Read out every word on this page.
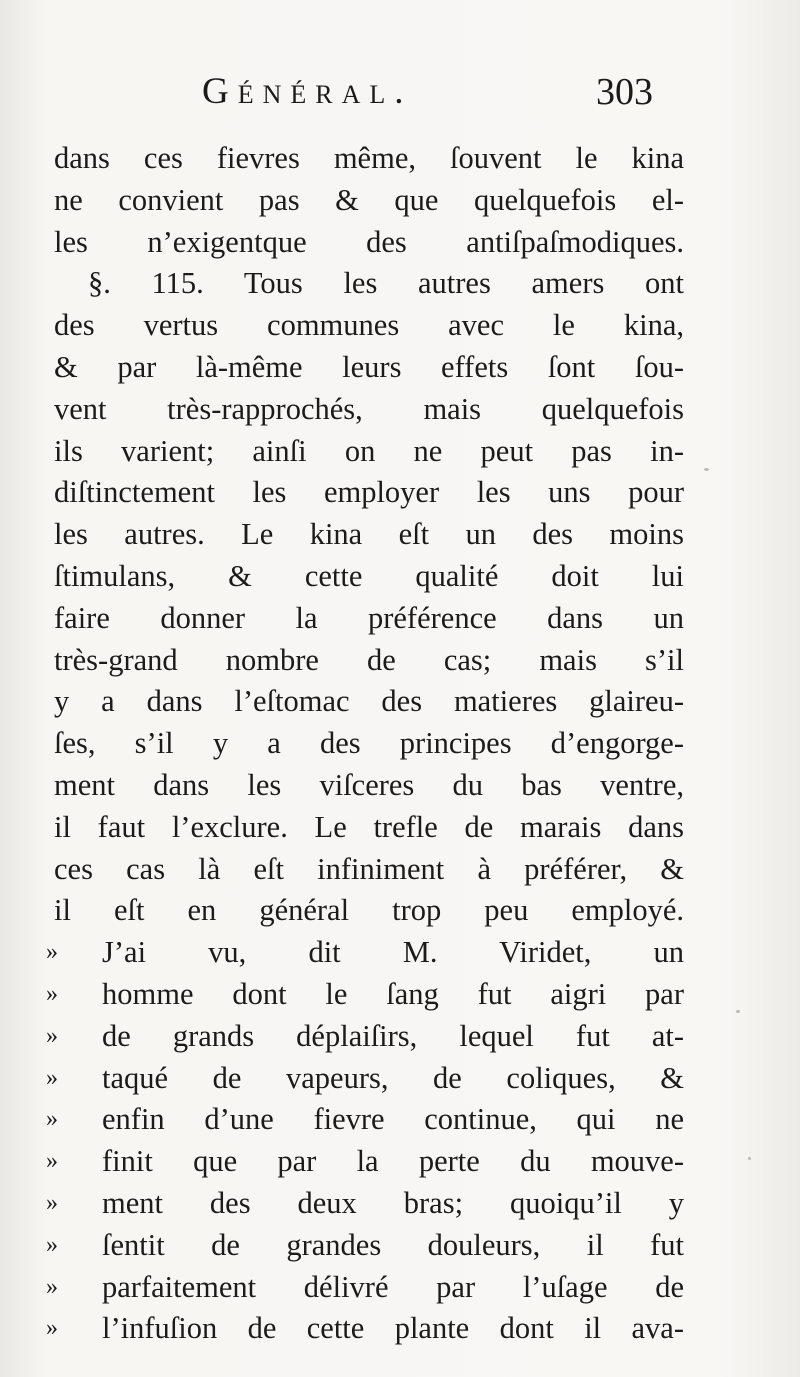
Général.	303
dans ces fievres même, ſouvent le kina
ne convient pas & que quelquefois el-
les n’exigentque des antiſpaſmodiques.
§. 115. Tous les autres amers ont
des vertus communes avec le kina,
& par là-même leurs effets ſont ſou-
vent très-rapprochés, mais quelquefois
ils varient; ainſi on ne peut pas in-
diſtinctement les employer les uns pour
les autres. Le kina eſt un des moins
ſtimulans, & cette qualité doit lui
faire donner la préférence dans un
très-grand nombre de cas; mais s’il
y a dans l’eſtomac des matieres glaireu-
ſes, s’il y a des principes d’engorge-
ment dans les viſceres du bas ventre,
il faut l’exclure. Le trefle de marais dans
ces cas là eſt infiniment à préférer, &
il eſt en général trop peu employé.
»	J’ai vu, dit M. Viridet, un
»	homme dont le ſang fut aigri par
»	de grands déplaiſirs, lequel fut at-
»	taqué de vapeurs, de coliques, &
»	enfin d’une fievre continue, qui ne
»	finit que par la perte du mouve-
»	ment des deux bras; quoiqu’il y
»	ſentit de grandes douleurs, il fut
»	parfaitement délivré par l’uſage de
»	l’infuſion de cette plante dont il ava-
